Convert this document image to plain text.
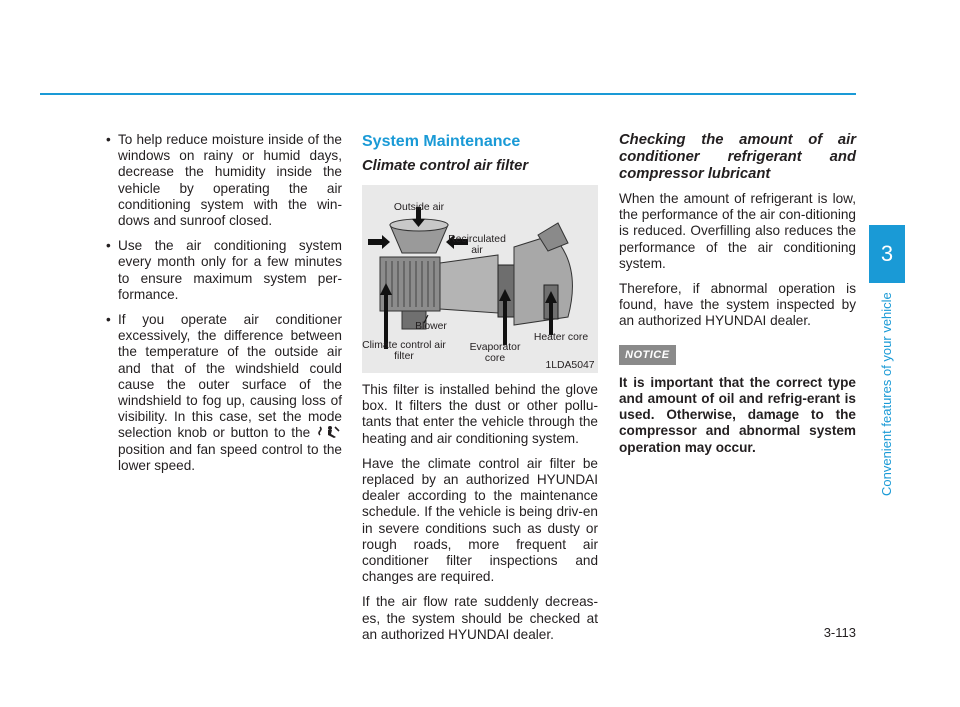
• To help reduce moisture inside of the windows on rainy or humid days, decrease the humidity inside the vehicle by operating the air conditioning system with the win-dows and sunroof closed.
• Use the air conditioning system every month only for a few minutes to ensure maximum system per-formance.
• If you operate air conditioner excessively, the difference between the temperature of the outside air and that of the windshield could cause the outer surface of the windshield to fog up, causing loss of visibility. In this case, set the mode selection knob or button to the  position and fan speed control to the lower speed.
System Maintenance
Climate control air filter
Outside air
Recirculated air
Blower
Climate control air filter
Evaporator core
Heater core
1LDA5047

This filter is installed behind the glove box. It filters the dust or other pollu-tants that enter the vehicle through the heating and air conditioning system.

Have the climate control air filter be replaced by an authorized HYUNDAI dealer according to the maintenance schedule. If the vehicle is being driv-en in severe conditions such as dusty or rough roads, more frequent air conditioner filter inspections and changes are required.

If the air flow rate suddenly decreas-es, the system should be checked at an authorized HYUNDAI dealer.

Checking the amount of air conditioner refrigerant and compressor lubricant

When the amount of refrigerant is low, the performance of the air con-ditioning is reduced. Overfilling also reduces the performance of the air conditioning system.

Therefore, if abnormal operation is found, have the system inspected by an authorized HYUNDAI dealer.

NOTICE

It is important that the correct type and amount of oil and refrig-erant is used. Otherwise, damage to the compressor and abnormal system operation may occur.

3
Convenient features of your vehicle
3-113
